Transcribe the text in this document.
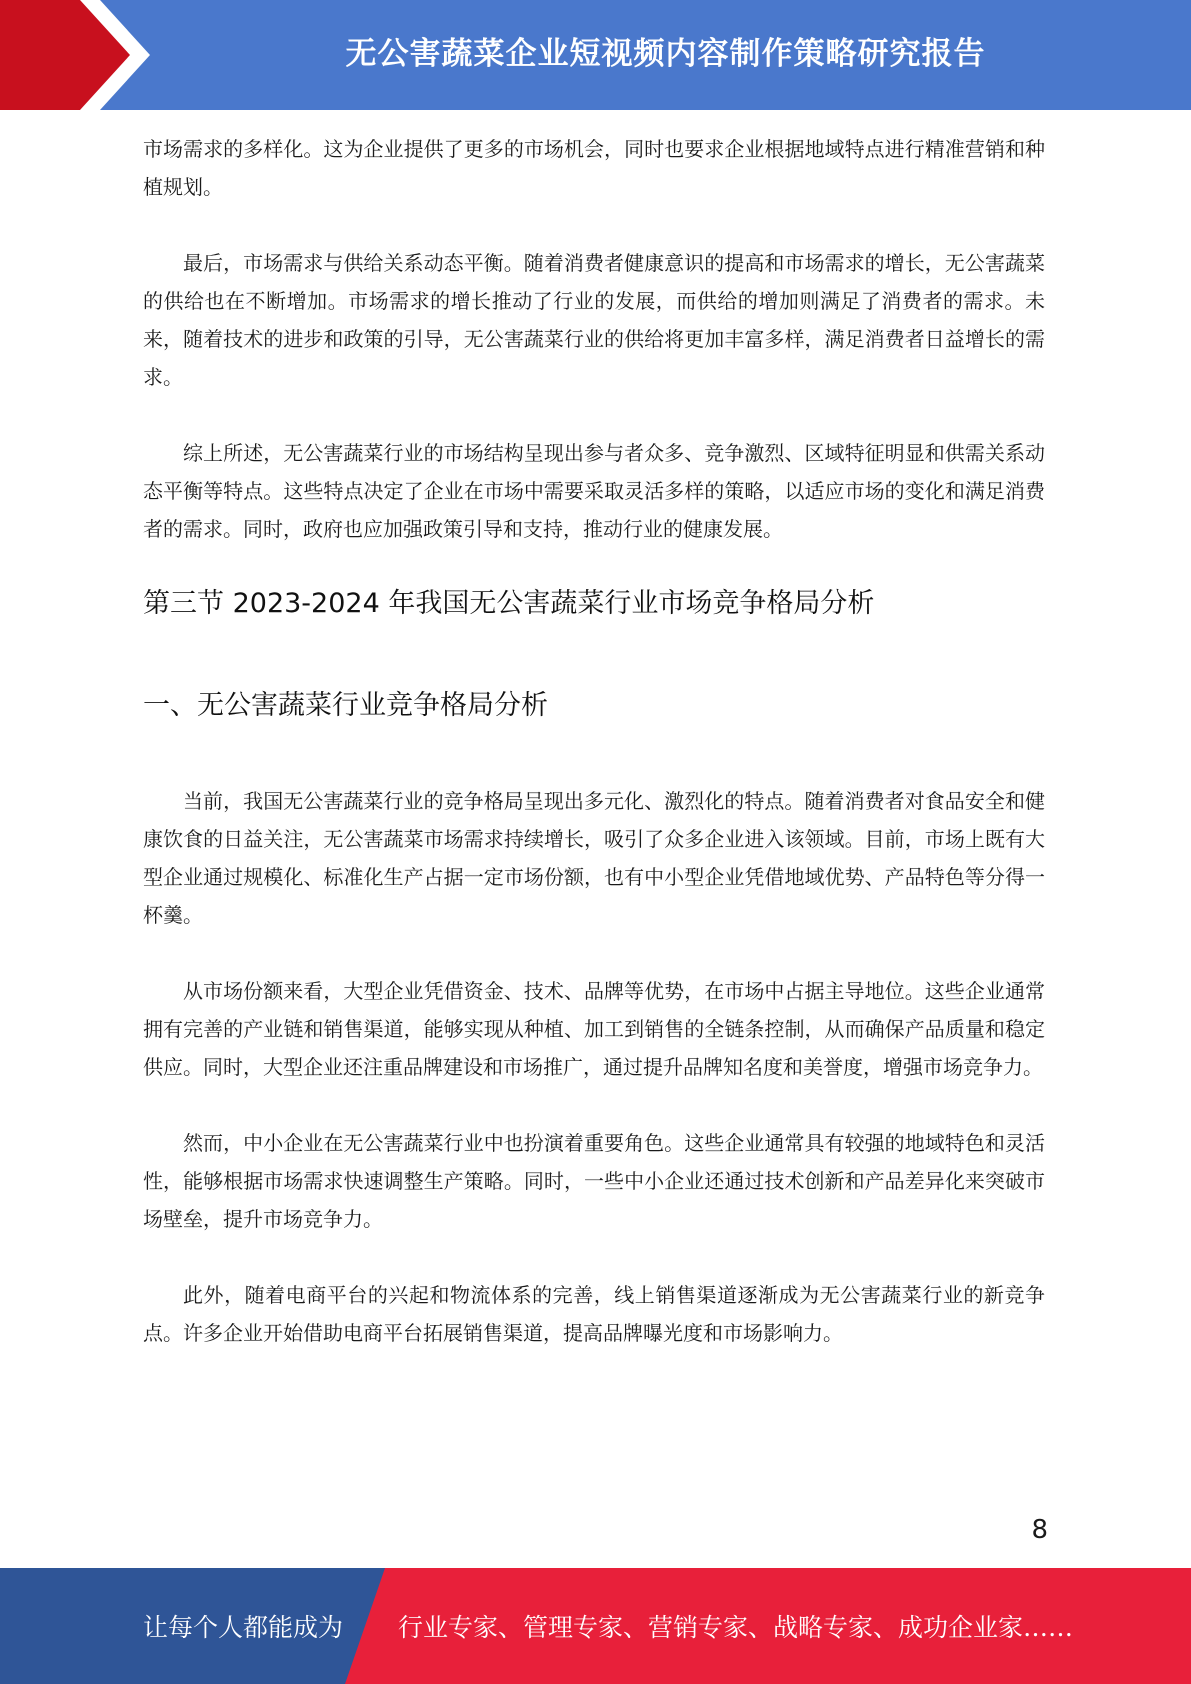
无公害蔬菜企业短视频内容制作策略研究报告

市场需求的多样化。这为企业提供了更多的市场机会，同时也要求企业根据地域特点进行精准营销和种植规划。

最后，市场需求与供给关系动态平衡。随着消费者健康意识的提高和市场需求的增长，无公害蔬菜的供给也在不断增加。市场需求的增长推动了行业的发展，而供给的增加则满足了消费者的需求。未来，随着技术的进步和政策的引导，无公害蔬菜行业的供给将更加丰富多样，满足消费者日益增长的需求。

综上所述，无公害蔬菜行业的市场结构呈现出参与者众多、竞争激烈、区域特征明显和供需关系动态平衡等特点。这些特点决定了企业在市场中需要采取灵活多样的策略，以适应市场的变化和满足消费者的需求。同时，政府也应加强政策引导和支持，推动行业的健康发展。

第三节 2023-2024 年我国无公害蔬菜行业市场竞争格局分析
一、无公害蔬菜行业竞争格局分析

当前，我国无公害蔬菜行业的竞争格局呈现出多元化、激烈化的特点。随着消费者对食品安全和健康饮食的日益关注，无公害蔬菜市场需求持续增长，吸引了众多企业进入该领域。目前，市场上既有大型企业通过规模化、标准化生产占据一定市场份额，也有中小型企业凭借地域优势、产品特色等分得一杯羹。

从市场份额来看，大型企业凭借资金、技术、品牌等优势，在市场中占据主导地位。这些企业通常拥有完善的产业链和销售渠道，能够实现从种植、加工到销售的全链条控制，从而确保产品质量和稳定供应。同时，大型企业还注重品牌建设和市场推广，通过提升品牌知名度和美誉度，增强市场竞争力。

然而，中小企业在无公害蔬菜行业中也扮演着重要角色。这些企业通常具有较强的地域特色和灵活性，能够根据市场需求快速调整生产策略。同时，一些中小企业还通过技术创新和产品差异化来突破市场壁垒，提升市场竞争力。

此外，随着电商平台的兴起和物流体系的完善，线上销售渠道逐渐成为无公害蔬菜行业的新竞争点。许多企业开始借助电商平台拓展销售渠道，提高品牌曝光度和市场影响力。

8
让每个人都能成为 行业专家、管理专家、营销专家、战略专家、成功企业家……
